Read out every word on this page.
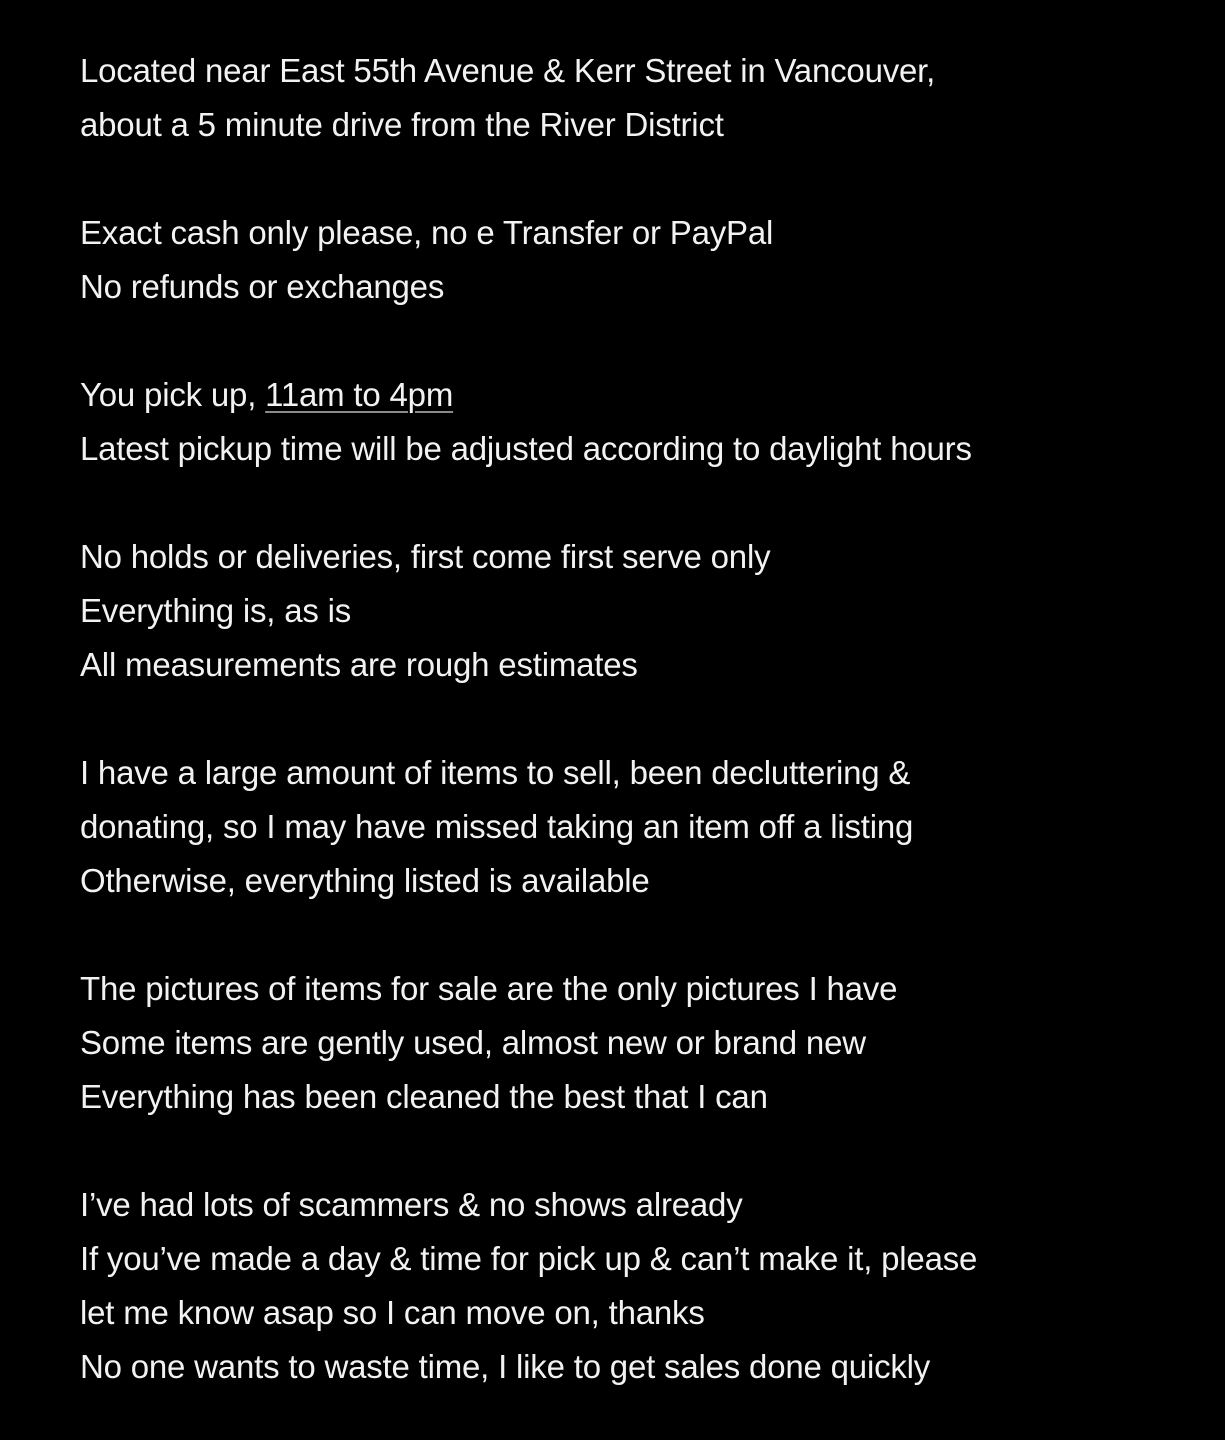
Located near East 55th Avenue & Kerr Street in Vancouver,
about a 5 minute drive from the River District
Exact cash only please, no e Transfer or PayPal
No refunds or exchanges
You pick up, 11am to 4pm
Latest pickup time will be adjusted according to daylight hours
No holds or deliveries, first come first serve only
Everything is, as is
All measurements are rough estimates
I have a large amount of items to sell, been decluttering &
donating, so I may have missed taking an item off a listing
Otherwise, everything listed is available
The pictures of items for sale are the only pictures I have
Some items are gently used, almost new or brand new
Everything has been cleaned the best that I can
I’ve had lots of scammers & no shows already
If you’ve made a day & time for pick up & can’t make it, please
let me know asap so I can move on, thanks
No one wants to waste time, I like to get sales done quickly
